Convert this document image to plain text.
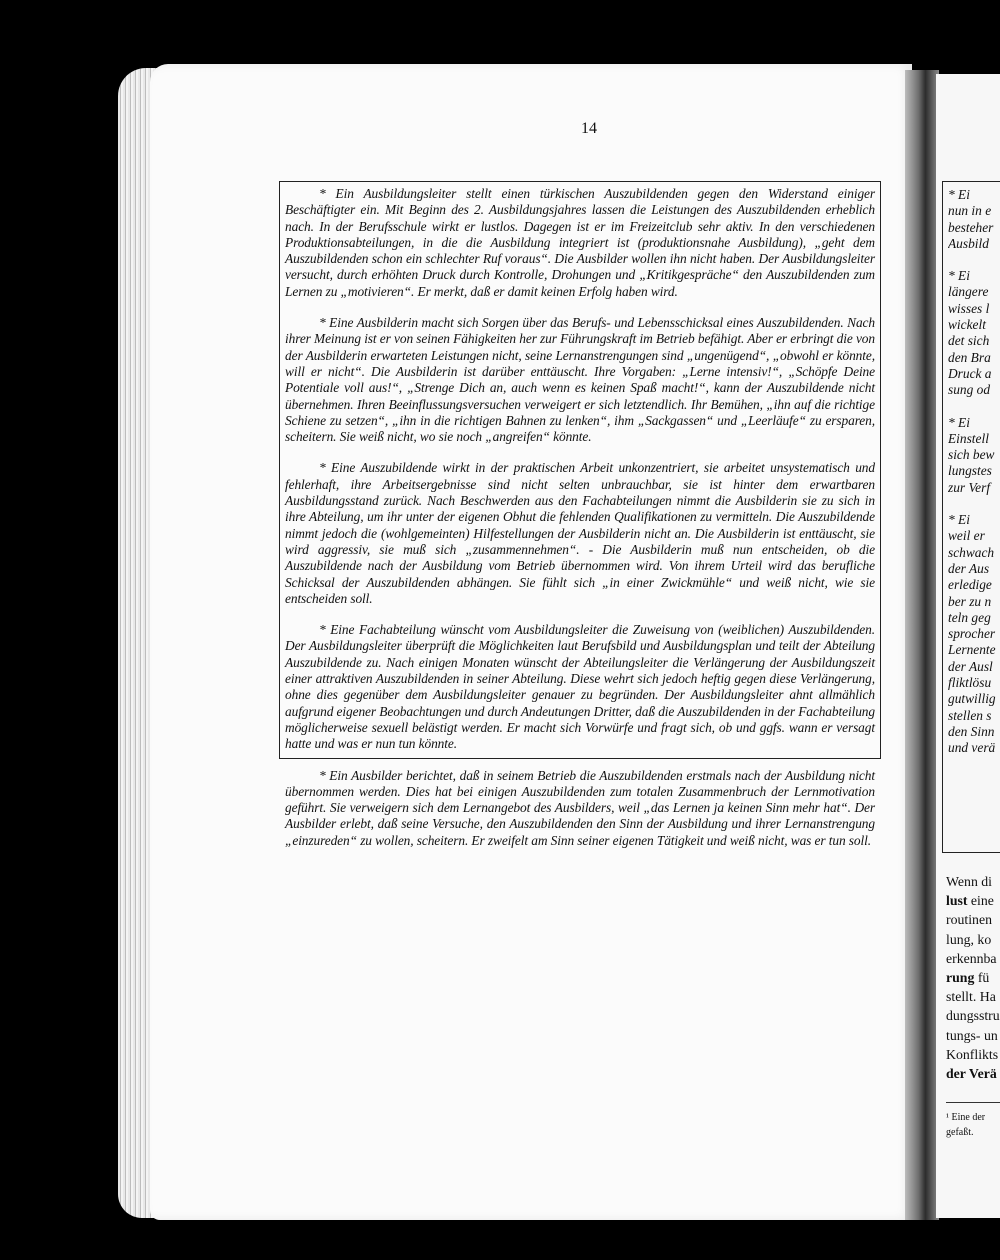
14

* Ein Ausbildungsleiter stellt einen türkischen Auszubildenden gegen den Widerstand einiger Beschäftigter ein. Mit Beginn des 2. Ausbildungsjahres lassen die Leistungen des Auszubildenden erheblich nach. In der Berufsschule wirkt er lustlos. Dagegen ist er im Freizeitclub sehr aktiv. In den verschiedenen Produktionsabteilungen, in die die Ausbildung integriert ist (produktionsnahe Ausbildung), „geht dem Auszubildenden schon ein schlechter Ruf voraus“. Die Ausbilder wollen ihn nicht haben. Der Ausbildungsleiter versucht, durch erhöhten Druck durch Kontrolle, Drohungen und „Kritikgespräche“ den Auszubildenden zum Lernen zu „motivieren“. Er merkt, daß er damit keinen Erfolg haben wird.

* Eine Ausbilderin macht sich Sorgen über das Berufs- und Lebensschicksal eines Auszubildenden. Nach ihrer Meinung ist er von seinen Fähigkeiten her zur Führungskraft im Betrieb befähigt. Aber er erbringt die von der Ausbilderin erwarteten Leistungen nicht, seine Lernanstrengungen sind „ungenügend“, „obwohl er könnte, will er nicht“. Die Ausbilderin ist darüber enttäuscht. Ihre Vorgaben: „Lerne intensiv!“, „Schöpfe Deine Potentiale voll aus!“, „Strenge Dich an, auch wenn es keinen Spaß macht!“, kann der Auszubildende nicht übernehmen. Ihren Beeinflussungsversuchen verweigert er sich letztendlich. Ihr Bemühen, „ihn auf die richtige Schiene zu setzen“, „ihn in die richtigen Bahnen zu lenken“, ihm „Sackgassen“ und „Leerläufe“ zu ersparen, scheitern. Sie weiß nicht, wo sie noch „angreifen“ könnte.

* Eine Auszubildende wirkt in der praktischen Arbeit unkonzentriert, sie arbeitet unsystematisch und fehlerhaft, ihre Arbeitsergebnisse sind nicht selten unbrauchbar, sie ist hinter dem erwartbaren Ausbildungsstand zurück. Nach Beschwerden aus den Fachabteilungen nimmt die Ausbilderin sie zu sich in ihre Abteilung, um ihr unter der eigenen Obhut die fehlenden Qualifikationen zu vermitteln. Die Auszubildende nimmt jedoch die (wohlgemeinten) Hilfestellungen der Ausbilderin nicht an. Die Ausbilderin ist enttäuscht, sie wird aggressiv, sie muß sich „zusammennehmen“. - Die Ausbilderin muß nun entscheiden, ob die Auszubildende nach der Ausbildung vom Betrieb übernommen wird. Von ihrem Urteil wird das berufliche Schicksal der Auszubildenden abhängen. Sie fühlt sich „in einer Zwickmühle“ und weiß nicht, wie sie entscheiden soll.

* Eine Fachabteilung wünscht vom Ausbildungsleiter die Zuweisung von (weiblichen) Auszubildenden. Der Ausbildungsleiter überprüft die Möglichkeiten laut Berufsbild und Ausbildungsplan und teilt der Abteilung Auszubildende zu. Nach einigen Monaten wünscht der Abteilungsleiter die Verlängerung der Ausbildungszeit einer attraktiven Auszubildenden in seiner Abteilung. Diese wehrt sich jedoch heftig gegen diese Verlängerung, ohne dies gegenüber dem Ausbildungsleiter genauer zu begründen. Der Ausbildungsleiter ahnt allmählich aufgrund eigener Beobachtungen und durch Andeutungen Dritter, daß die Auszubildenden in der Fachabteilung möglicherweise sexuell belästigt werden. Er macht sich Vorwürfe und fragt sich, ob und ggfs. wann er versagt hatte und was er nun tun könnte.

* Ein Ausbilder berichtet, daß in seinem Betrieb die Auszubildenden erstmals nach der Ausbildung nicht übernommen werden. Dies hat bei einigen Auszubildenden zum totalen Zusammenbruch der Lernmotivation geführt. Sie verweigern sich dem Lernangebot des Ausbilders, weil „das Lernen ja keinen Sinn mehr hat“. Der Ausbilder erlebt, daß seine Versuche, den Auszubildenden den Sinn der Ausbildung und ihrer Lernanstrengung „einzureden“ zu wollen, scheitern. Er zweifelt am Sinn seiner eigenen Tätigkeit und weiß nicht, was er tun soll.

* Ei
nun in e
besteher
Ausbild

* Ei
längere
wisses l
wickelt
det sich
den Bra
Druck a
sung od

* Ei
Einstell
sich bew
lungstes
zur Verf

* Ei
weil er
schwach
der Aus
erledige
ber zu n
teln geg
sprocher
Lernente
der Ausl
fliktlösu
gutwillig
stellen s
den Sinn
und verä
Wenn di
lust eine
routinen
lung, ko
erkennba
rung fü
stellt. Ha
dungsstru
tungs- un
Konflikts
der Verä
¹ Eine der
gefaßt.
